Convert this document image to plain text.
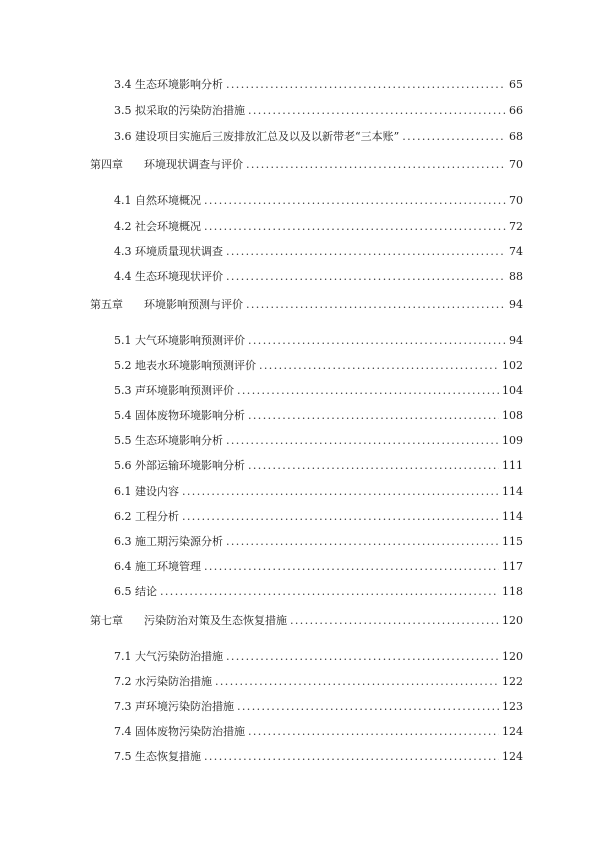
3.4 生态环境影响分析 .....	65
3.5 拟采取的污染防治措施 .....	66
3.6 建设项目实施后三废排放汇总及以及以新带老“三本账” .....	68
第四章 环境现状调查与评价 .....	70
4.1 自然环境概况 .....	70
4.2 社会环境概况 .....	72
4.3 环境质量现状调查 .....	74
4.4 生态环境现状评价 .....	88
第五章 环境影响预测与评价 .....	94
5.1 大气环境影响预测评价 .....	94
5.2 地表水环境影响预测评价 .....	102
5.3 声环境影响预测评价 .....	104
5.4 固体废物环境影响分析 .....	108
5.5 生态环境影响分析 .....	109
5.6 外部运输环境影响分析 .....	111
6.1 建设内容 .....	114
6.2 工程分析 .....	114
6.3 施工期污染源分析 .....	115
6.4 施工环境管理 .....	117
6.5 结论 .....	118
第七章 污染防治对策及生态恢复措施 .....	120
7.1 大气污染防治措施 .....	120
7.2 水污染防治措施 .....	122
7.3 声环境污染防治措施 .....	123
7.4 固体废物污染防治措施 .....	124
7.5 生态恢复措施 .....	124
